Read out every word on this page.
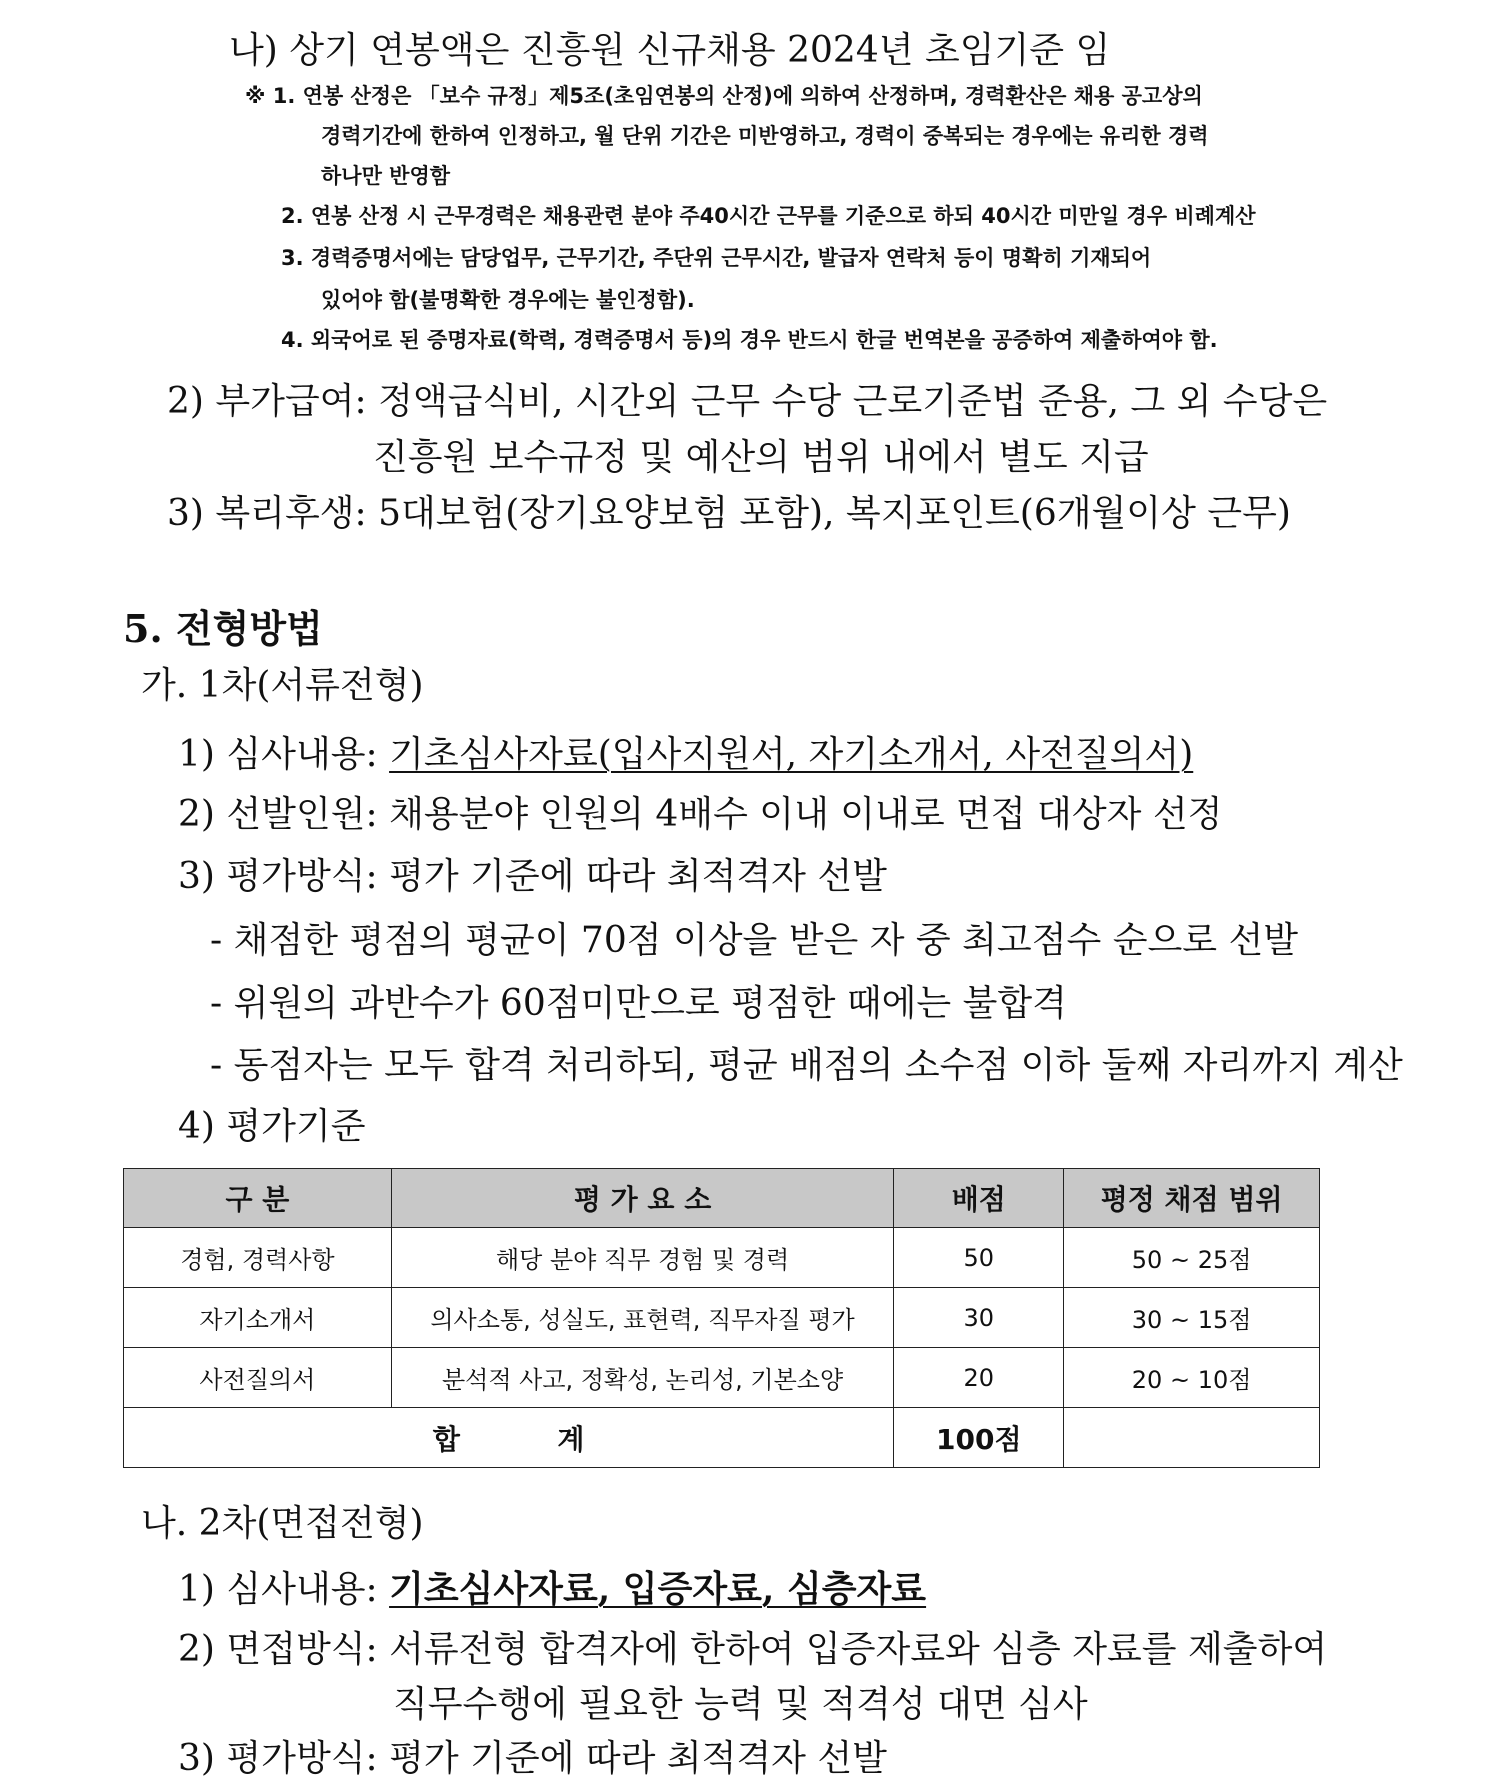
나) 상기 연봉액은 진흥원 신규채용 2024년 초임기준 임
※ 1. 연봉 산정은 「보수 규정」제5조(초임연봉의 산정)에 의하여 산정하며, 경력환산은 채용 공고상의
경력기간에 한하여 인정하고, 월 단위 기간은 미반영하고, 경력이 중복되는 경우에는 유리한 경력
하나만 반영함
2. 연봉 산정 시 근무경력은 채용관련 분야 주40시간 근무를 기준으로 하되 40시간 미만일 경우 비례계산
3. 경력증명서에는 담당업무, 근무기간, 주단위 근무시간, 발급자 연락처 등이 명확히 기재되어
있어야 함(불명확한 경우에는 불인정함).
4. 외국어로 된 증명자료(학력, 경력증명서 등)의 경우 반드시 한글 번역본을 공증하여 제출하여야 함.
2) 부가급여: 정액급식비, 시간외 근무 수당 근로기준법 준용, 그 외 수당은
진흥원 보수규정 및 예산의 범위 내에서 별도 지급
3) 복리후생: 5대보험(장기요양보험 포함), 복지포인트(6개월이상 근무)
5. 전형방법
가. 1차(서류전형)
1) 심사내용: 기초심사자료(입사지원서, 자기소개서, 사전질의서)
2) 선발인원: 채용분야 인원의 4배수 이내 이내로 면접 대상자 선정
3) 평가방식: 평가 기준에 따라 최적격자 선발
- 채점한 평점의 평균이 70점 이상을 받은 자 중 최고점수 순으로 선발
- 위원의 과반수가 60점미만으로 평점한 때에는 불합격
- 동점자는 모두 합격 처리하되, 평균 배점의 소수점 이하 둘째 자리까지 계산
4) 평가기준
구 분	평 가 요 소	배점	평정 채점 범위
경험, 경력사항	해당 분야 직무 경험 및 경력	50	50 ~ 25점
자기소개서	의사소통, 성실도, 표현력, 직무자질 평가	30	30 ~ 15점
사전질의서	분석적 사고, 정확성, 논리성, 기본소양	20	20 ~ 10점
합          계		100점	
나. 2차(면접전형)
1) 심사내용: 기초심사자료, 입증자료, 심층자료
2) 면접방식: 서류전형 합격자에 한하여 입증자료와 심층 자료를 제출하여
직무수행에 필요한 능력 및 적격성 대면 심사
3) 평가방식: 평가 기준에 따라 최적격자 선발
